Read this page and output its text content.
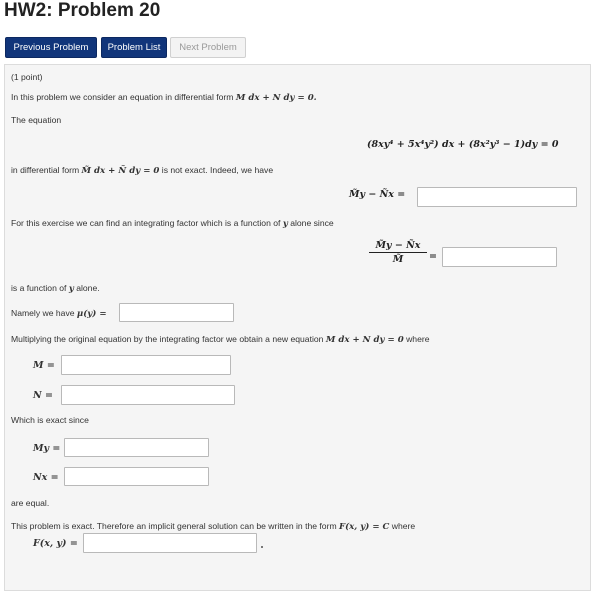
HW2: Problem 20
Previous Problem	Problem List	Next Problem
(1 point)
In this problem we consider an equation in differential form M dx + N dy = 0.
The equation
(8xy⁴ + 5x⁴y²) dx + (8x²y³ − 1)dy = 0
in differential form M̃ dx + Ñ dy = 0 is not exact. Indeed, we have
M̃y − Ñx =
For this exercise we can find an integrating factor which is a function of y alone since
M̃y − Ñx
M̃	=
is a function of y alone.
Namely we have μ(y) =
Multiplying the original equation by the integrating factor we obtain a new equation M dx + N dy = 0 where
M =
N =
Which is exact since
My =
Nx =
are equal.
This problem is exact. Therefore an implicit general solution can be written in the form F(x, y) = C where
F(x, y) =
